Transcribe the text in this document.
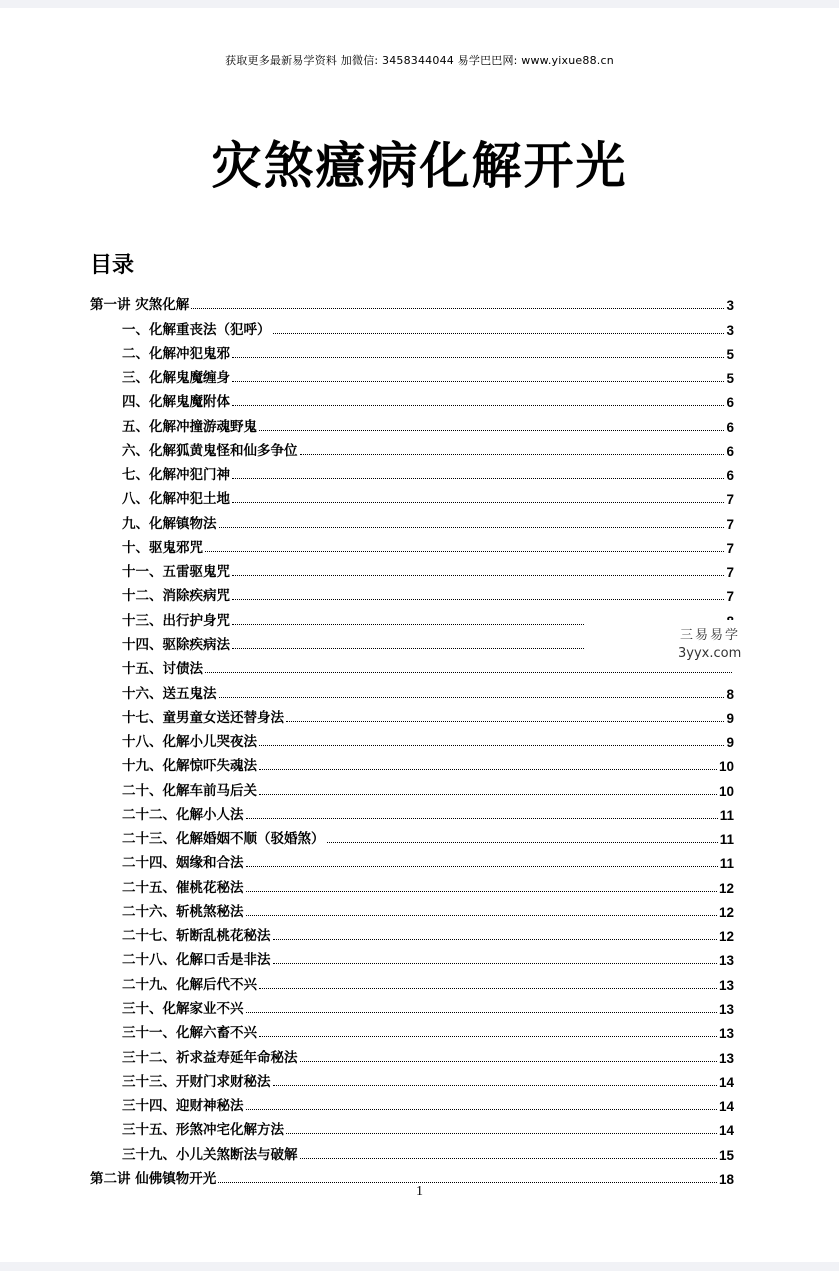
获取更多最新易学资料 加微信: 3458344044 易学巴巴网: www.yixue88.cn
灾煞癔病化解开光
目录
第一讲 灾煞化解	3
一、化解重丧法（犯呼）	3
二、化解冲犯鬼邪	5
三、化解鬼魔缠身	5
四、化解鬼魔附体	6
五、化解冲撞游魂野鬼	6
六、化解狐黄鬼怪和仙多争位	6
七、化解冲犯门神	6
八、化解冲犯土地	7
九、化解镇物法	7
十、驱鬼邪咒	7
十一、五雷驱鬼咒	7
十二、消除疾病咒	7
十三、出行护身咒
十四、驱除疾病法
十五、讨债法
十六、送五鬼法	8
十七、童男童女送还替身法	9
十八、化解小儿哭夜法	9
十九、化解惊吓失魂法	10
二十、化解车前马后关	10
二十二、化解小人法	11
二十三、化解婚姻不顺（驳婚煞）	11
二十四、姻缘和合法	11
二十五、催桃花秘法	12
二十六、斩桃煞秘法	12
二十七、斩断乱桃花秘法	12
二十八、化解口舌是非法	13
二十九、化解后代不兴	13
三十、化解家业不兴	13
三十一、化解六畜不兴	13
三十二、祈求益寿延年命秘法	13
三十三、开财门求财秘法	14
三十四、迎财神秘法	14
三十五、形煞冲宅化解方法	14
三十九、小儿关煞断法与破解	15
第二讲 仙佛镇物开光	18
三易易学
3yyx.com
1
